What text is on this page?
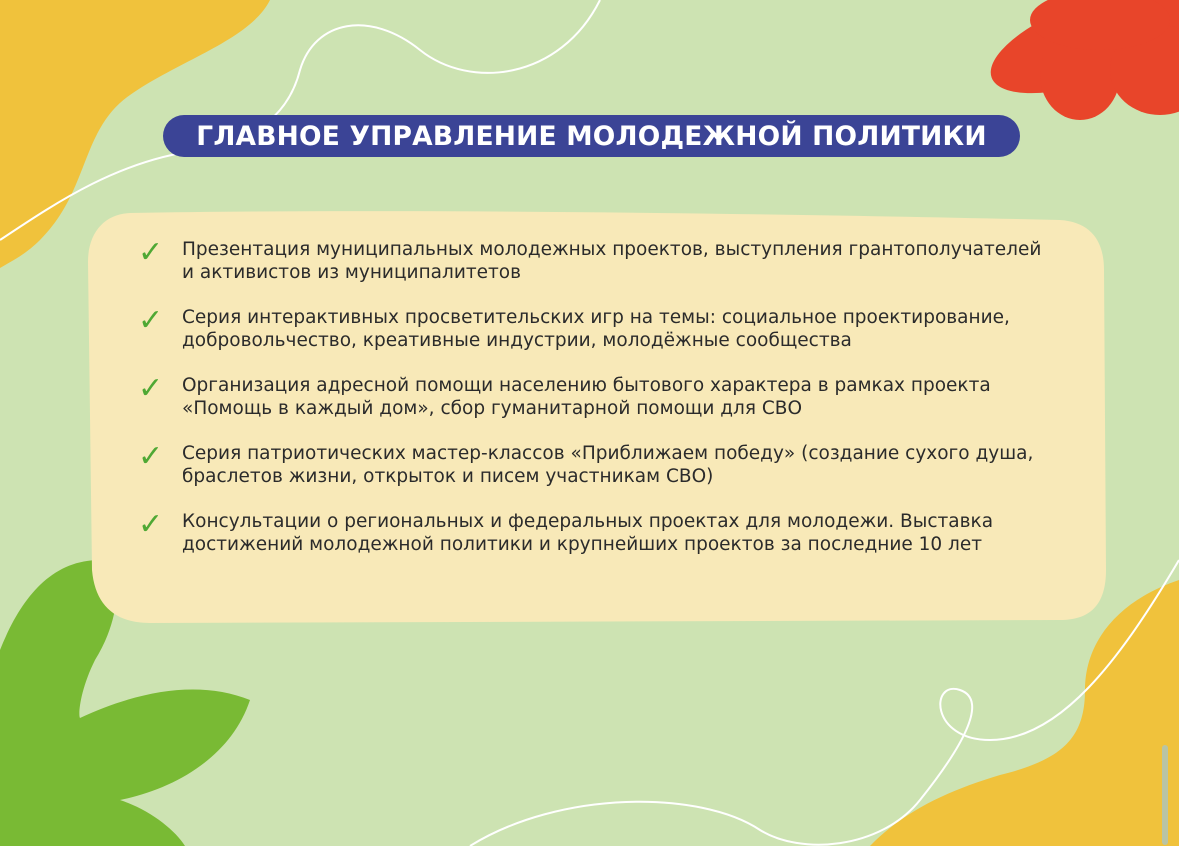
ГЛАВНОЕ УПРАВЛЕНИЕ МОЛОДЕЖНОЙ ПОЛИТИКИ
✓ Презентация муниципальных молодежных проектов, выступления грантополучателей
и активистов из муниципалитетов
✓ Серия интерактивных просветительских игр на темы: социальное проектирование,
добровольчество, креативные индустрии, молодёжные сообщества
✓ Организация адресной помощи населению бытового характера в рамках проекта
«Помощь в каждый дом», сбор гуманитарной помощи для СВО
✓ Серия патриотических мастер-классов «Приближаем победу» (создание сухого душа,
браслетов жизни, открыток и писем участникам СВО)
✓ Консультации о региональных и федеральных проектах для молодежи. Выставка
достижений молодежной политики и крупнейших проектов за последние 10 лет
